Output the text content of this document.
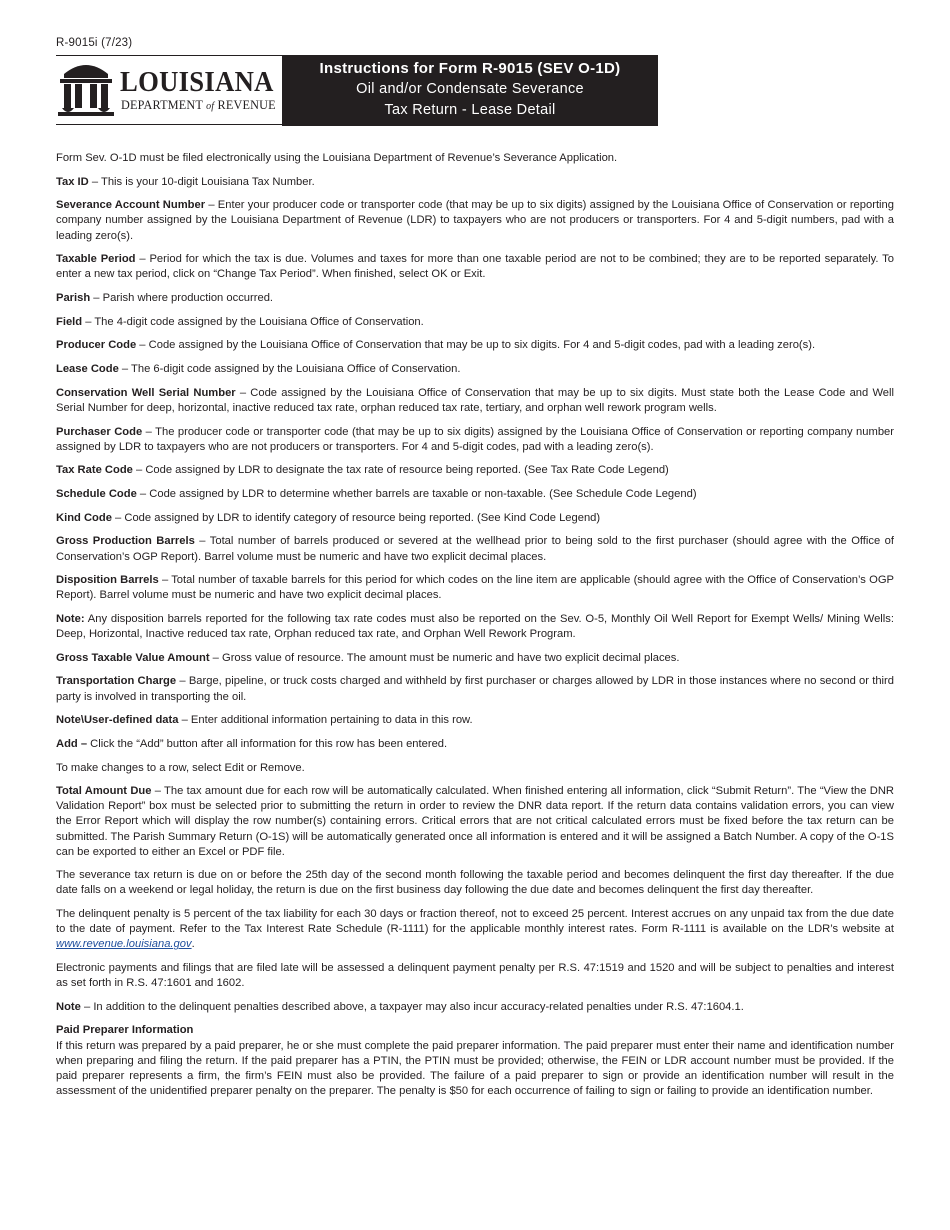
R-9015i (7/23)
LOUISIANA
DEPARTMENT of REVENUE
Instructions for Form R-9015 (SEV O-1D)
Oil and/or Condensate Severance
Tax Return - Lease Detail

Form Sev. O-1D must be filed electronically using the Louisiana Department of Revenue’s Severance Application.

Tax ID – This is your 10-digit Louisiana Tax Number.

Severance Account Number – Enter your producer code or transporter code (that may be up to six digits) assigned by the Louisiana Office of Conservation or reporting company number assigned by the Louisiana Department of Revenue (LDR) to taxpayers who are not producers or transporters. For 4 and 5-digit numbers, pad with a leading zero(s).

Taxable Period – Period for which the tax is due. Volumes and taxes for more than one taxable period are not to be combined; they are to be reported separately. To enter a new tax period, click on “Change Tax Period”. When finished, select OK or Exit.

Parish – Parish where production occurred.

Field – The 4-digit code assigned by the Louisiana Office of Conservation.

Producer Code – Code assigned by the Louisiana Office of Conservation that may be up to six digits. For 4 and 5-digit codes, pad with a leading zero(s).

Lease Code – The 6-digit code assigned by the Louisiana Office of Conservation.

Conservation Well Serial Number – Code assigned by the Louisiana Office of Conservation that may be up to six digits. Must state both the Lease Code and Well Serial Number for deep, horizontal, inactive reduced tax rate, orphan reduced tax rate, tertiary, and orphan well rework program wells.

Purchaser Code – The producer code or transporter code (that may be up to six digits) assigned by the Louisiana Office of Conservation or reporting company number assigned by LDR to taxpayers who are not producers or transporters. For 4 and 5-digit codes, pad with a leading zero(s).

Tax Rate Code – Code assigned by LDR to designate the tax rate of resource being reported. (See Tax Rate Code Legend)

Schedule Code – Code assigned by LDR to determine whether barrels are taxable or non-taxable. (See Schedule Code Legend)

Kind Code – Code assigned by LDR to identify category of resource being reported. (See Kind Code Legend)

Gross Production Barrels – Total number of barrels produced or severed at the wellhead prior to being sold to the first purchaser (should agree with the Office of Conservation’s OGP Report). Barrel volume must be numeric and have two explicit decimal places.

Disposition Barrels – Total number of taxable barrels for this period for which codes on the line item are applicable (should agree with the Office of Conservation’s OGP Report). Barrel volume must be numeric and have two explicit decimal places.

Note: Any disposition barrels reported for the following tax rate codes must also be reported on the Sev. O-5, Monthly Oil Well Report for Exempt Wells/ Mining Wells: Deep, Horizontal, Inactive reduced tax rate, Orphan reduced tax rate, and Orphan Well Rework Program.

Gross Taxable Value Amount – Gross value of resource. The amount must be numeric and have two explicit decimal places.

Transportation Charge – Barge, pipeline, or truck costs charged and withheld by first purchaser or charges allowed by LDR in those instances where no second or third party is involved in transporting the oil.

Note\User-defined data – Enter additional information pertaining to data in this row.

Add – Click the “Add” button after all information for this row has been entered.

To make changes to a row, select Edit or Remove.

Total Amount Due – The tax amount due for each row will be automatically calculated. When finished entering all information, click “Submit Return”. The “View the DNR Validation Report” box must be selected prior to submitting the return in order to review the DNR data report. If the return data contains validation errors, you can view the Error Report which will display the row number(s) containing errors. Critical errors that are not critical calculated errors must be fixed before the tax return can be submitted. The Parish Summary Return (O-1S) will be automatically generated once all information is entered and it will be assigned a Batch Number. A copy of the O-1S can be exported to either an Excel or PDF file.

The severance tax return is due on or before the 25th day of the second month following the taxable period and becomes delinquent the first day thereafter. If the due date falls on a weekend or legal holiday, the return is due on the first business day following the due date and becomes delinquent the first day thereafter.

The delinquent penalty is 5 percent of the tax liability for each 30 days or fraction thereof, not to exceed 25 percent. Interest accrues on any unpaid tax from the due date to the date of payment. Refer to the Tax Interest Rate Schedule (R-1111) for the applicable monthly interest rates. Form R-1111 is available on the LDR’s website at www.revenue.louisiana.gov.

Electronic payments and filings that are filed late will be assessed a delinquent payment penalty per R.S. 47:1519 and 1520 and will be subject to penalties and interest as set forth in R.S. 47:1601 and 1602.

Note – In addition to the delinquent penalties described above, a taxpayer may also incur accuracy-related penalties under R.S. 47:1604.1.

Paid Preparer Information
If this return was prepared by a paid preparer, he or she must complete the paid preparer information. The paid preparer must enter their name and identification number when preparing and filing the return. If the paid preparer has a PTIN, the PTIN must be provided; otherwise, the FEIN or LDR account number must be provided. If the paid preparer represents a firm, the firm’s FEIN must also be provided. The failure of a paid preparer to sign or provide an identification number will result in the assessment of the unidentified preparer penalty on the preparer. The penalty is $50 for each occurrence of failing to sign or failing to provide an identification number.
